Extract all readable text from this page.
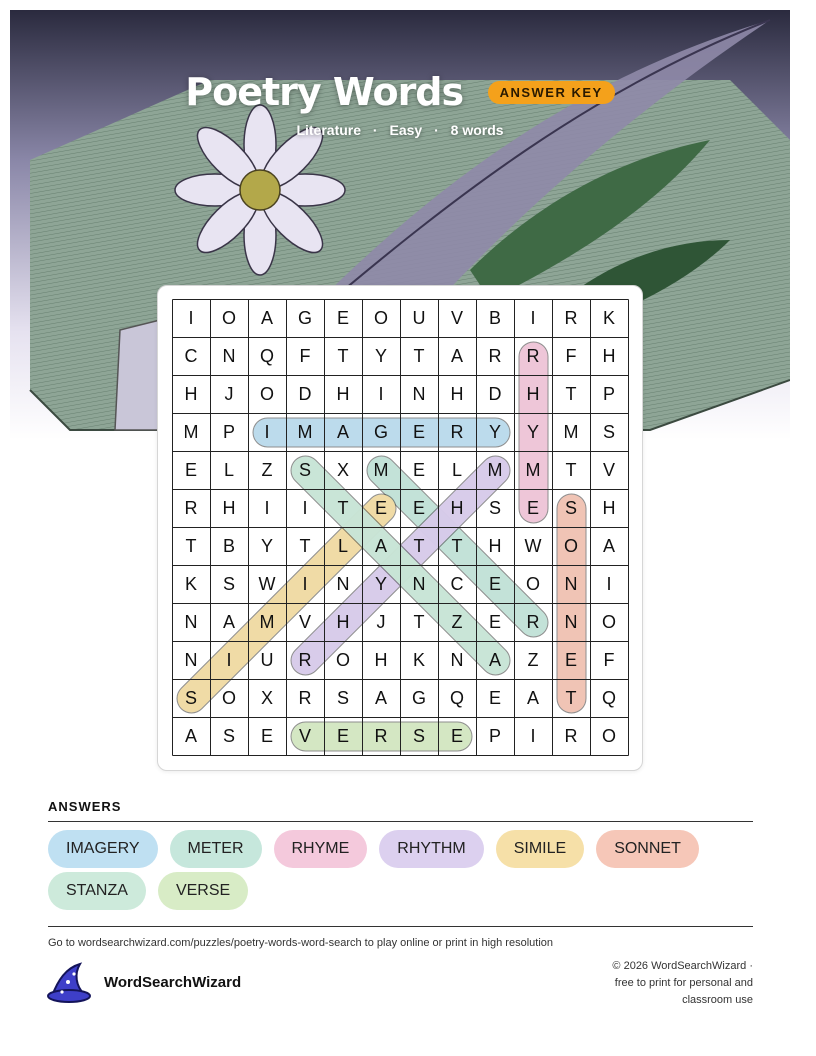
Poetry Words	ANSWER KEY
Literature · Easy · 8 words
I	O	A	G	E	O	U	V	B	I	R	K
C	N	Q	F	T	Y	T	A	R	R	F	H
H	J	O	D	H	I	N	H	D	H	T	P
M	P	I	M	A	G	E	R	Y	Y	M	S
E	L	Z	S	X	M	E	L	M	M	T	V
R	H	I	I	T	E	E	H	S	E	S	H
T	B	Y	T	L	A	T	T	H	W	O	A
K	S	W	I	N	Y	N	C	E	O	N	I
N	A	M	V	H	J	T	Z	E	R	N	O
N	I	U	R	O	H	K	N	A	Z	E	F
S	O	X	R	S	A	G	Q	E	A	T	Q
A	S	E	V	E	R	S	E	P	I	R	O
ANSWERS
IMAGERY	METER	RHYME	RHYTHM	SIMILE	SONNET
STANZA	VERSE
Go to wordsearchwizard.com/puzzles/poetry-words-word-search to play online or print in high resolution
WordSearchWizard
© 2026 WordSearchWizard ·
free to print for personal and
classroom use
